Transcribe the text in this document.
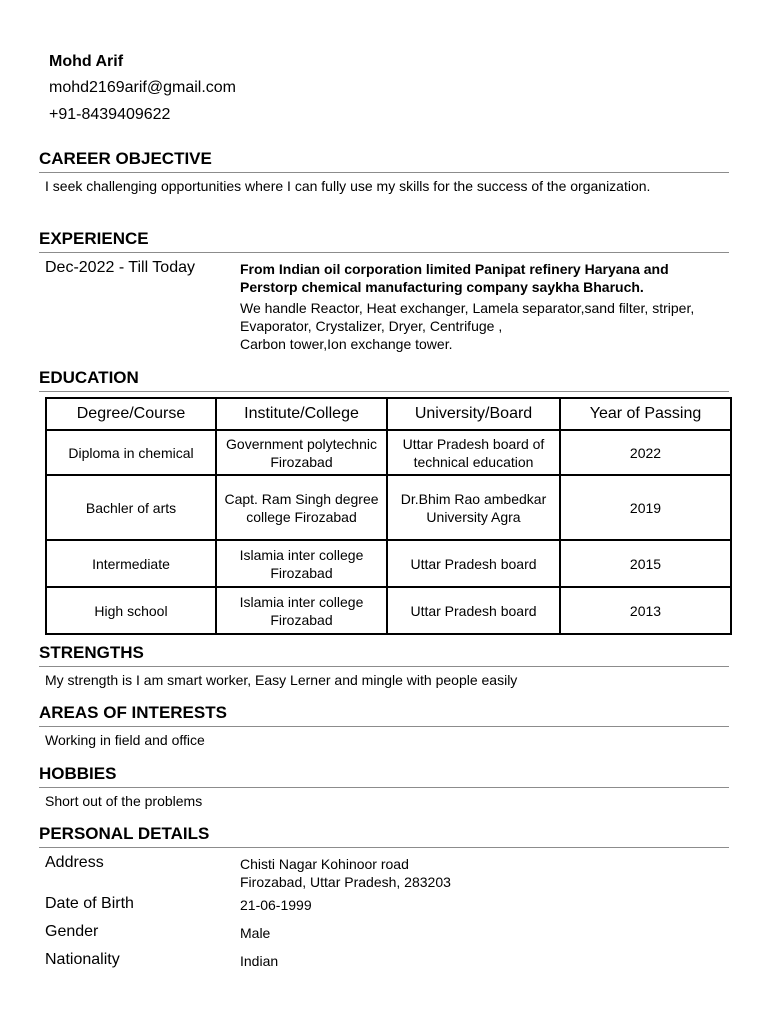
Mohd Arif
mohd2169arif@gmail.com
+91-8439409622
CAREER OBJECTIVE
I seek challenging opportunities where I can fully use my skills for the success of the organization.
EXPERIENCE
Dec-2022 - Till Today	From Indian oil corporation limited Panipat refinery Haryana and Perstorp chemical manufacturing company saykha Bharuch.
We handle Reactor, Heat exchanger, Lamela separator,sand filter, striper, Evaporator, Crystalizer, Dryer, Centrifuge ,
Carbon tower,Ion exchange tower.
EDUCATION
Degree/Course	Institute/College	University/Board	Year of Passing
Diploma in chemical	Government polytechnic Firozabad	Uttar Pradesh board of technical education	2022
Bachler of arts	Capt. Ram Singh degree college Firozabad	Dr.Bhim Rao ambedkar University Agra	2019
Intermediate	Islamia inter college Firozabad	Uttar Pradesh board	2015
High school	Islamia inter college Firozabad	Uttar Pradesh board	2013
STRENGTHS
My strength is I am smart worker, Easy Lerner and mingle with people easily
AREAS OF INTERESTS
Working in field and office
HOBBIES
Short out of the problems
PERSONAL DETAILS
Address	Chisti Nagar Kohinoor road
Firozabad, Uttar Pradesh, 283203
Date of Birth	21-06-1999
Gender	Male
Nationality	Indian
